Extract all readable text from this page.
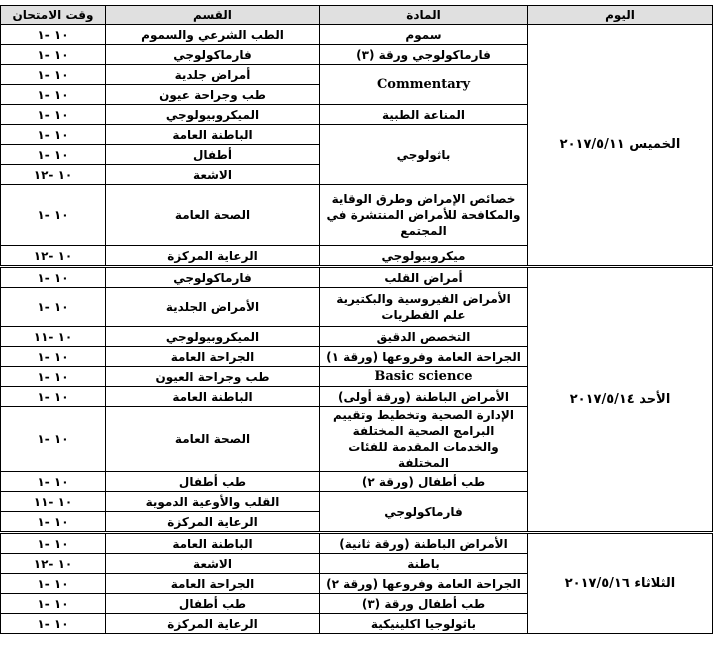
اليوم	المادة	القسم	وقت الامتحان
الخميس ٢٠١٧/٥/١١	سموم	الطب الشرعي والسموم	١٠ -١
	فارماكولوجي ورقة (٣)	فارماكولوجي	١٠ -١
	Commentary	أمراض جلدية	١٠ -١
		طب وجراحة عيون	١٠ -١
	المناعة الطبية	الميكروبيولوجي	١٠ -١
	باثولوجي	الباطنة العامة	١٠ -١
		أطفال	١٠ -١
		الاشعة	١٠ -١٢
	خصائص الإمراض وطرق الوقاية والمكافحة للأمراض المنتشرة في المجتمع	الصحة العامة	١٠ -١
	ميكروبيولوجي	الرعاية المركزة	١٠ -١٢
الأحد ٢٠١٧/٥/١٤	أمراض القلب	فارماكولوجي	١٠ -١
	الأمراض الفيروسية والبكتيرية علم الفطريات	الأمراض الجلدية	١٠ -١
	التخصص الدقيق	الميكروبيولوجي	١٠ -١١
	الجراحة العامة وفروعها (ورقة ١)	الجراحة العامة	١٠ -١
	Basic science	طب وجراحة العيون	١٠ -١
	الأمراض الباطنة (ورقة أولى)	الباطنة العامة	١٠ -١
	الإدارة الصحية وتخطيط وتقييم البرامج الصحية المختلفة والخدمات المقدمة للفئات المختلفة	الصحة العامة	١٠ -١
	طب أطفال (ورقة ٢)	طب أطفال	١٠ -١
	فارماكولوجي	القلب والأوعية الدموية	١٠ -١١
		الرعاية المركزة	١٠ -١
الثلاثاء ٢٠١٧/٥/١٦	الأمراض الباطنة (ورقة ثانية)	الباطنة العامة	١٠ -١
	باطنة	الاشعة	١٠ -١٢
	الجراحة العامة وفروعها (ورقة ٢)	الجراحة العامة	١٠ -١
	طب أطفال ورقة (٣)	طب أطفال	١٠ -١
	باثولوجيا اكلينيكية	الرعاية المركزة	١٠ -١
